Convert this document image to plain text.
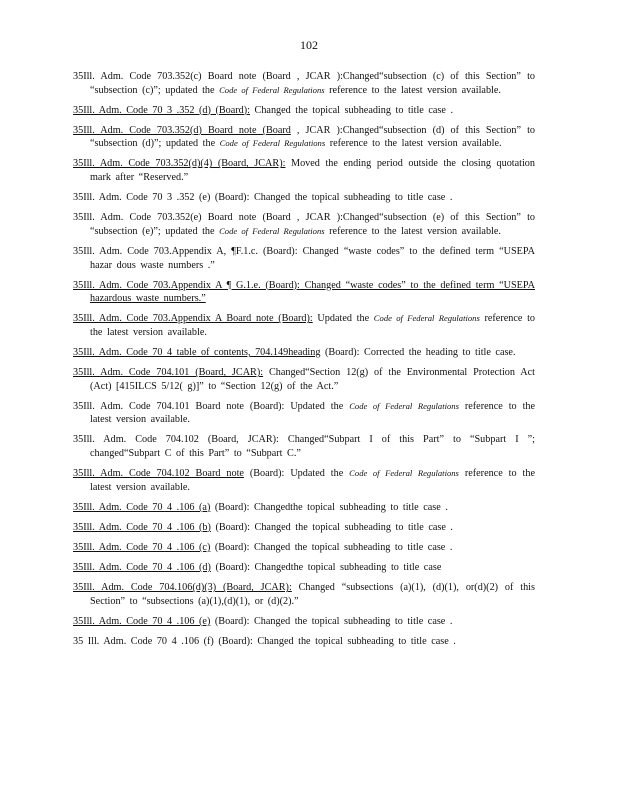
102

35Ill. Adm. Code 703.352(c) Board note (Board , JCAR ):Changed“subsection (c) of this Section” to “subsection (c)”; updated the Code of Federal Regulations reference to the latest version available.

35Ill. Adm. Code 70 3 .352 (d) (Board): Changed the topical subheading to title case .

35Ill. Adm. Code 703.352(d) Board note (Board , JCAR ):Changed“subsection (d) of this Section” to “subsection (d)”; updated the Code of Federal Regulations reference to the latest version available.

35Ill. Adm. Code 703.352(d)(4) (Board, JCAR): Moved the ending period outside the closing quotation mark after “Reserved.”

35Ill. Adm. Code 70 3 .352 (e) (Board): Changed the topical subheading to title case .

35Ill. Adm. Code 703.352(e) Board note (Board , JCAR ):Changed“subsection (e) of this Section” to “subsection (e)”; updated the Code of Federal Regulations reference to the latest version available.

35Ill. Adm. Code 703.Appendix A, ¶F.1.c. (Board): Changed “waste codes” to the defined term “USEPA hazar dous waste numbers .”

35Ill. Adm. Code 703.Appendix A ¶ G.1.e. (Board): Changed “waste codes” to the defined term “USEPA hazardous waste numbers.”

35Ill. Adm. Code 703.Appendix A Board note (Board): Updated the Code of Federal Regulations reference to the latest version available.

35Ill. Adm. Code 70 4 table of contents, 704.149heading (Board): Corrected the heading to title case.

35Ill. Adm. Code 704.101 (Board, JCAR): Changed“Section 12(g) of the Environmental Protection Act (Act) [415ILCS 5/12( g)]” to “Section 12(g) of the Act.”

35Ill. Adm. Code 704.101 Board note (Board): Updated the Code of Federal Regulations reference to the latest version available.

35Ill. Adm. Code 704.102 (Board, JCAR): Changed“Subpart I of this Part” to “Subpart I ”; changed“Subpart C of this Part” to “Subpart C.”

35Ill. Adm. Code 704.102 Board note (Board): Updated the Code of Federal Regulations reference to the latest version available.

35Ill. Adm. Code 70 4 .106 (a) (Board): Changedthe topical subheading to title case .

35Ill. Adm. Code 70 4 .106 (b) (Board): Changed the topical subheading to title case .

35Ill. Adm. Code 70 4 .106 (c) (Board): Changed the topical subheading to title case .

35Ill. Adm. Code 70 4 .106 (d) (Board): Changedthe topical subheading to title case

35Ill. Adm. Code 704.106(d)(3) (Board, JCAR): Changed “subsections (a)(1), (d)(1), or(d)(2) of this Section” to “subsections (a)(1),(d)(1), or (d)(2).”

35Ill. Adm. Code 70 4 .106 (e) (Board): Changed the topical subheading to title case .

35 Ill. Adm. Code 70 4 .106 (f) (Board): Changed the topical subheading to title case .
